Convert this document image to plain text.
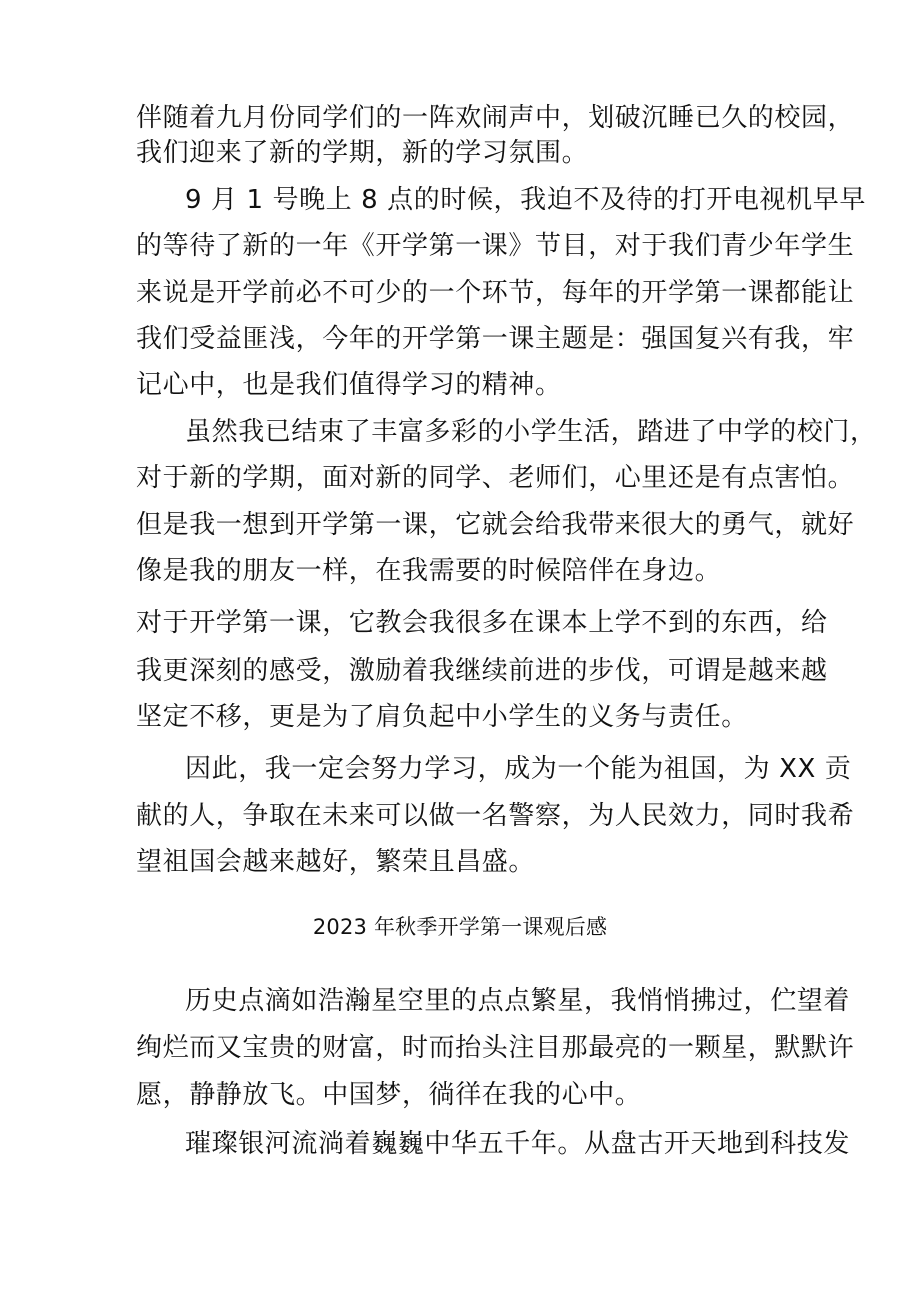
伴随着九月份同学们的一阵欢闹声中，划破沉睡已久的校园，
我们迎来了新的学期，新的学习氛围。
9 月 1 号晚上 8 点的时候，我迫不及待的打开电视机早早
的等待了新的一年《开学第一课》节目，对于我们青少年学生
来说是开学前必不可少的一个环节，每年的开学第一课都能让
我们受益匪浅，今年的开学第一课主题是：强国复兴有我，牢
记心中，也是我们值得学习的精神。
虽然我已结束了丰富多彩的小学生活，踏进了中学的校门，
对于新的学期，面对新的同学、老师们，心里还是有点害怕。
但是我一想到开学第一课，它就会给我带来很大的勇气，就好
像是我的朋友一样，在我需要的时候陪伴在身边。
对于开学第一课，它教会我很多在课本上学不到的东西，给
我更深刻的感受，激励着我继续前进的步伐，可谓是越来越
坚定不移，更是为了肩负起中小学生的义务与责任。
因此，我一定会努力学习，成为一个能为祖国，为 XX 贡
献的人，争取在未来可以做一名警察，为人民效力，同时我希
望祖国会越来越好，繁荣且昌盛。
2023 年秋季开学第一课观后感
历史点滴如浩瀚星空里的点点繁星，我悄悄拂过，伫望着
绚烂而又宝贵的财富，时而抬头注目那最亮的一颗星，默默许
愿，静静放飞。中国梦，徜徉在我的心中。
璀璨银河流淌着巍巍中华五千年。从盘古开天地到科技发
